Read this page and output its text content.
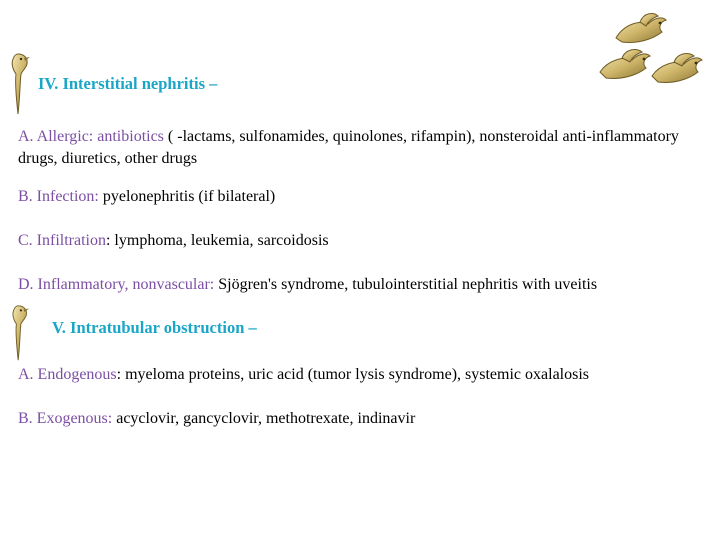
IV. Interstitial nephritis –
A. Allergic: antibiotics ( -lactams, sulfonamides, quinolones, rifampin), nonsteroidal anti-inflammatory drugs, diuretics, other drugs
B. Infection: pyelonephritis (if bilateral)
C. Infiltration: lymphoma, leukemia, sarcoidosis
D. Inflammatory, nonvascular: Sjögren's syndrome, tubulointerstitial nephritis with uveitis
V. Intratubular obstruction –
A. Endogenous: myeloma proteins, uric acid (tumor lysis syndrome), systemic oxalalosis
B. Exogenous: acyclovir, gancyclovir, methotrexate, indinavir
